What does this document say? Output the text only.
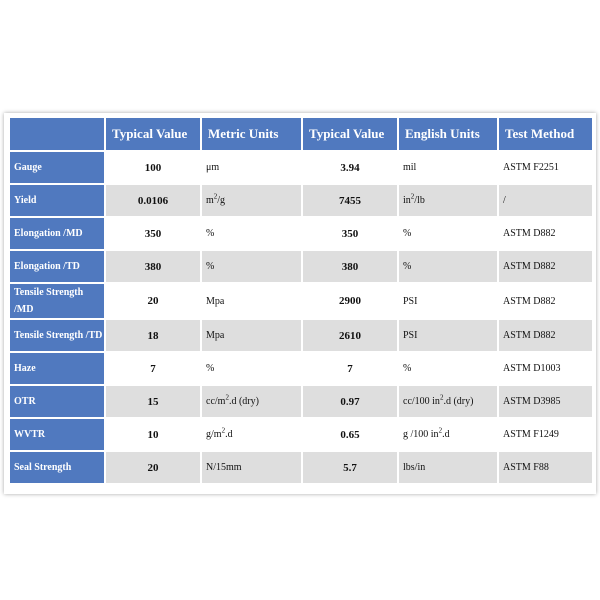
	Typical Value	Metric Units	Typical Value	English Units	Test Method
Gauge	100	μm	3.94	mil	ASTM F2251
Yield	0.0106	$m^2/g$	7455	$in^2/lb$	/
Elongation /MD	350	%	350	%	ASTM D882
Elongation /TD	380	%	380	%	ASTM D882
Tensile Strength /MD	20	Mpa	2900	PSI	ASTM D882
Tensile Strength /TD	18	Mpa	2610	PSI	ASTM D882
Haze	7	%	7	%	ASTM D1003
OTR	15	$cc/m^2.d$ (dry)	0.97	cc/100 $in^2.d$ (dry)	ASTM D3985
WVTR	10	$g/m^2.d$	0.65	g /100 $in^2.d$	ASTM F1249
Seal Strength	20	N/15mm	5.7	lbs/in	ASTM F88
